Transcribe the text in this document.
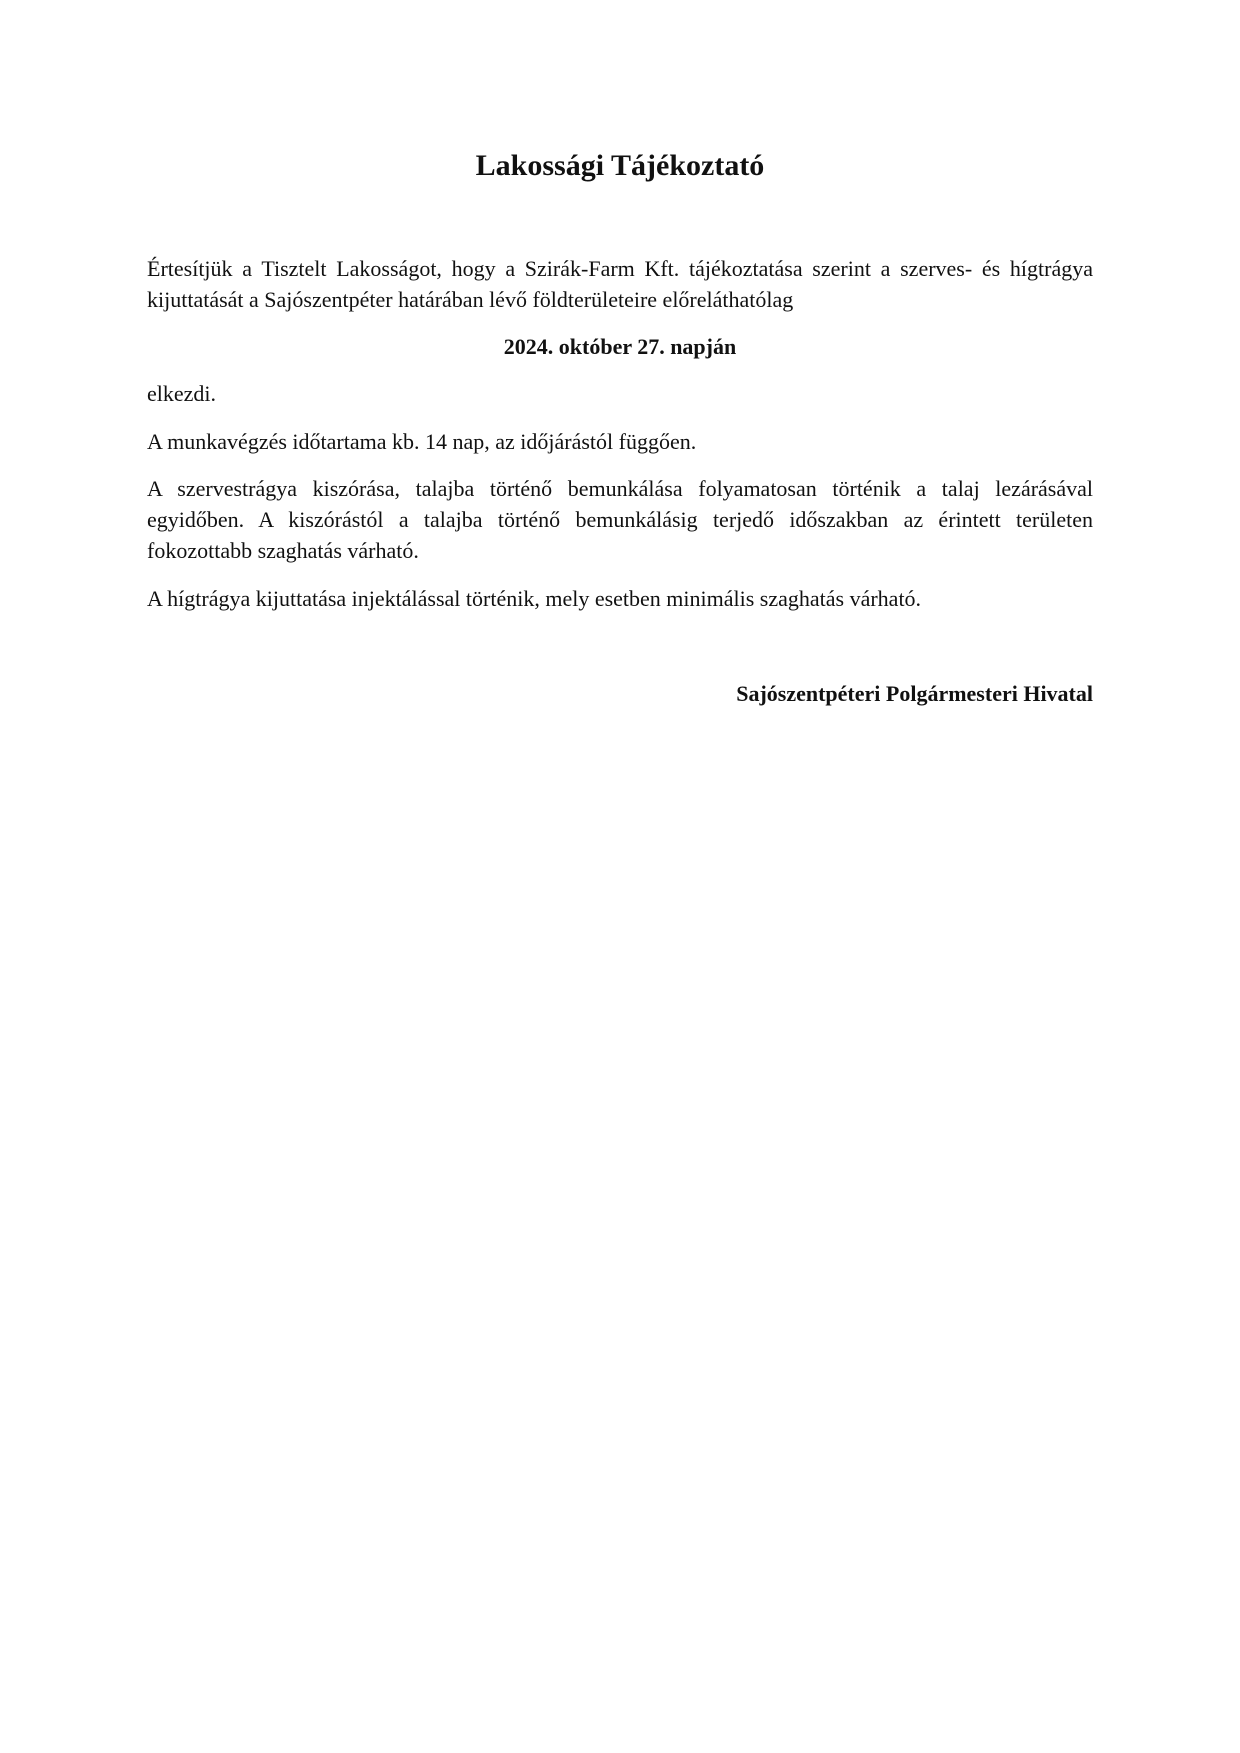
Lakossági Tájékoztató

Értesítjük a Tisztelt Lakosságot, hogy a Szirák-Farm Kft. tájékoztatása szerint a szerves- és hígtrágya kijuttatását a Sajószentpéter határában lévő földterületeire előreláthatólag

2024. október 27. napján

elkezdi.

A munkavégzés időtartama kb. 14 nap, az időjárástól függően.

A szervestrágya kiszórása, talajba történő bemunkálása folyamatosan történik a talaj lezárásával egyidőben. A kiszórástól a talajba történő bemunkálásig terjedő időszakban az érintett területen fokozottabb szaghatás várható.

A hígtrágya kijuttatása injektálással történik, mely esetben minimális szaghatás várható.

Sajószentpéteri Polgármesteri Hivatal
